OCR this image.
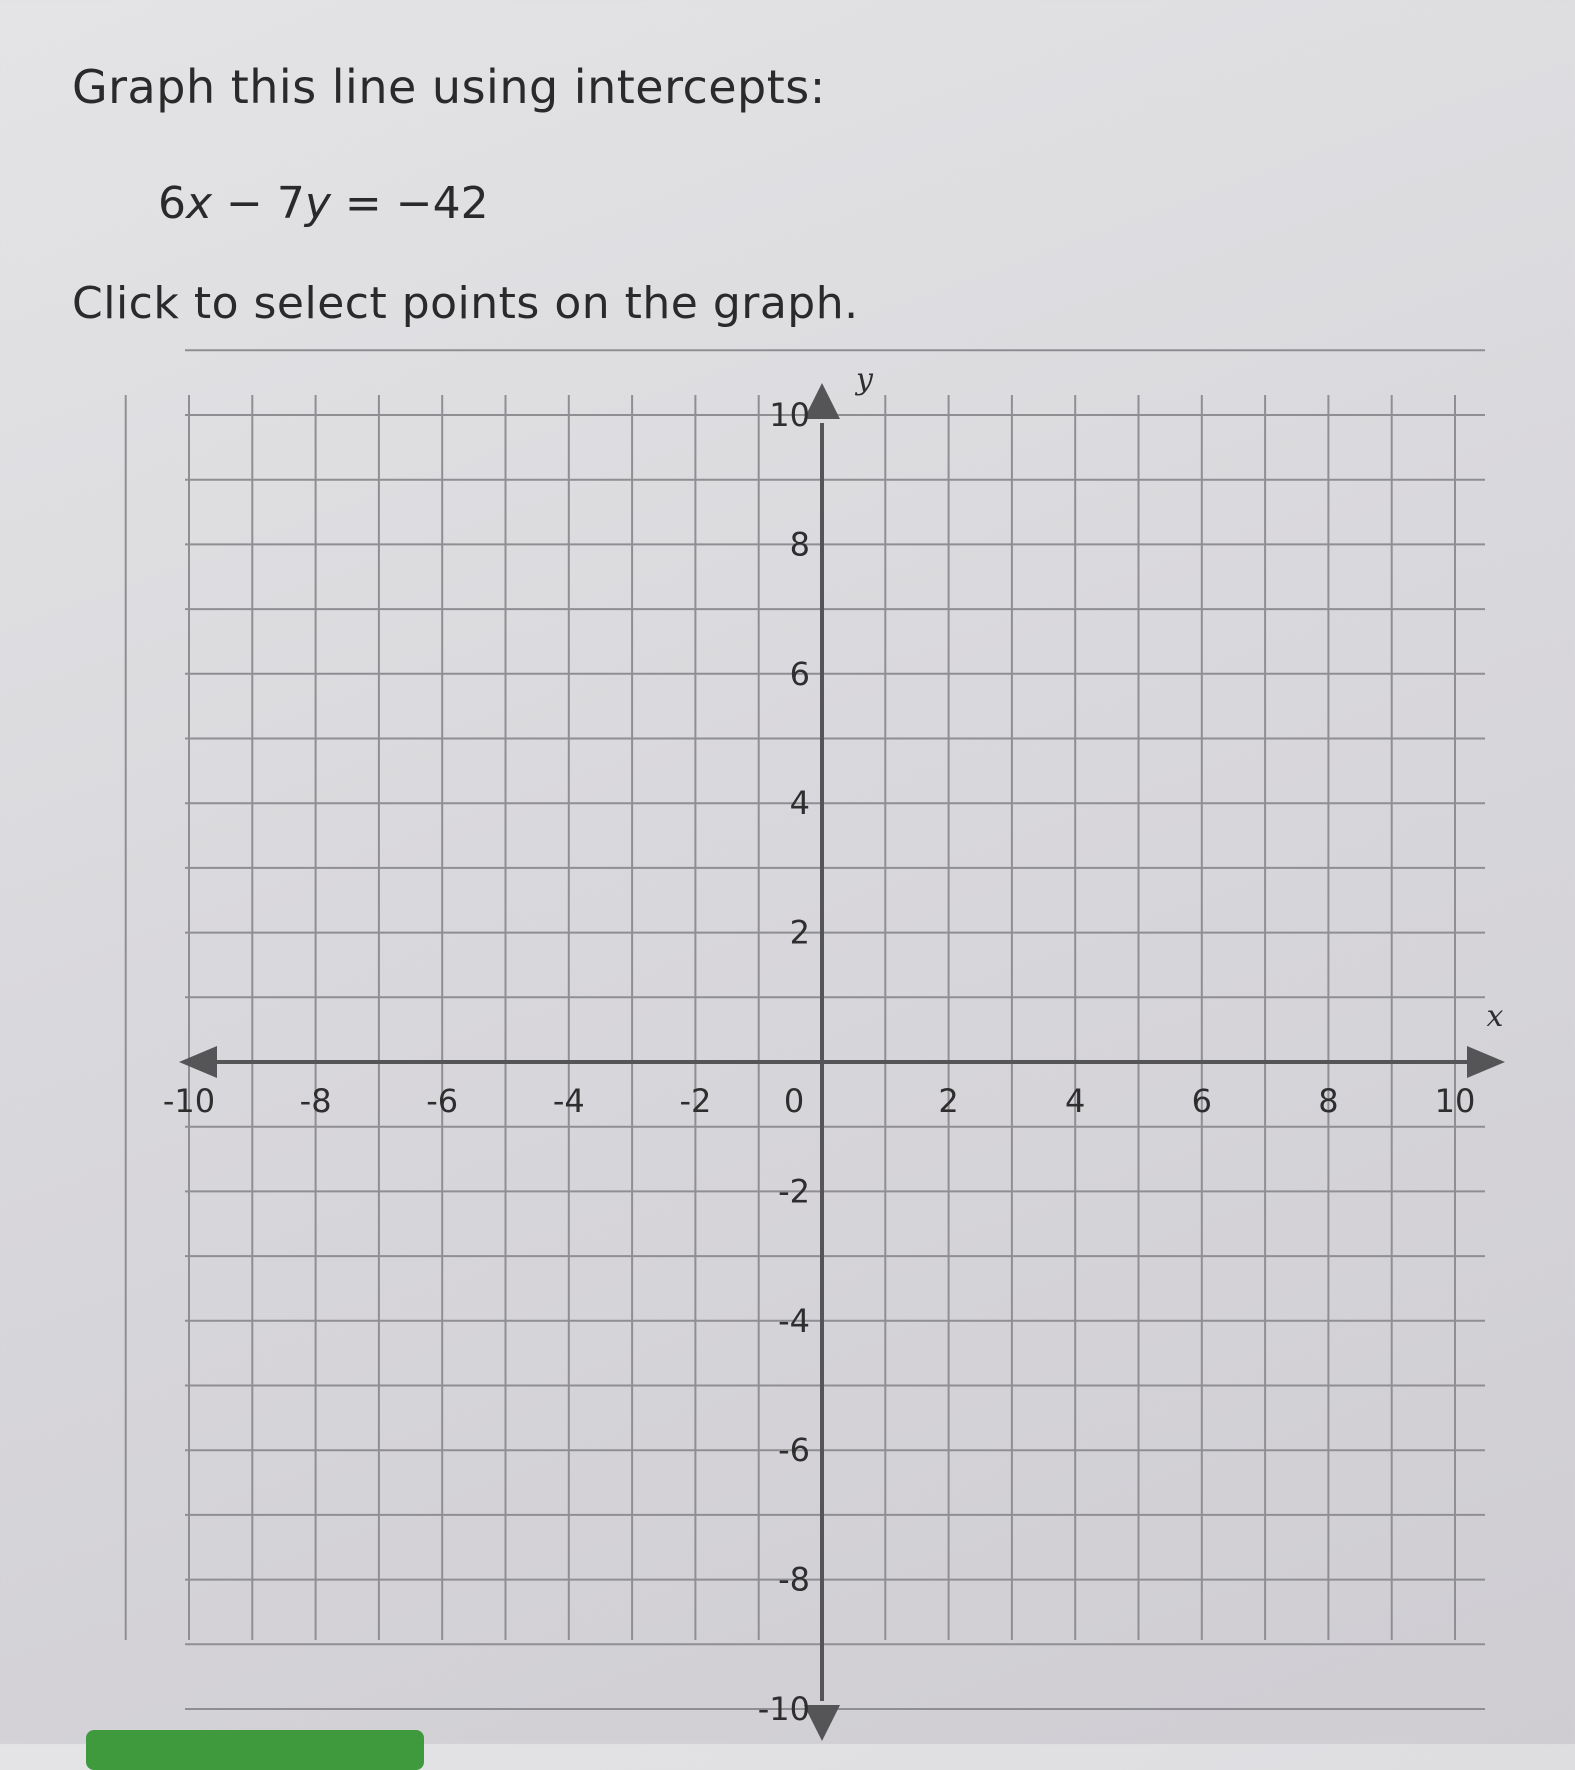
Graph this line using intercepts:
6x − 7y = −42
Click to select points on the graph.
x
y
-10	-8	-6	-4	-2 0	2	4	6	8	10
10
8
6
4
2
-2
-4
-6
-8
-10
